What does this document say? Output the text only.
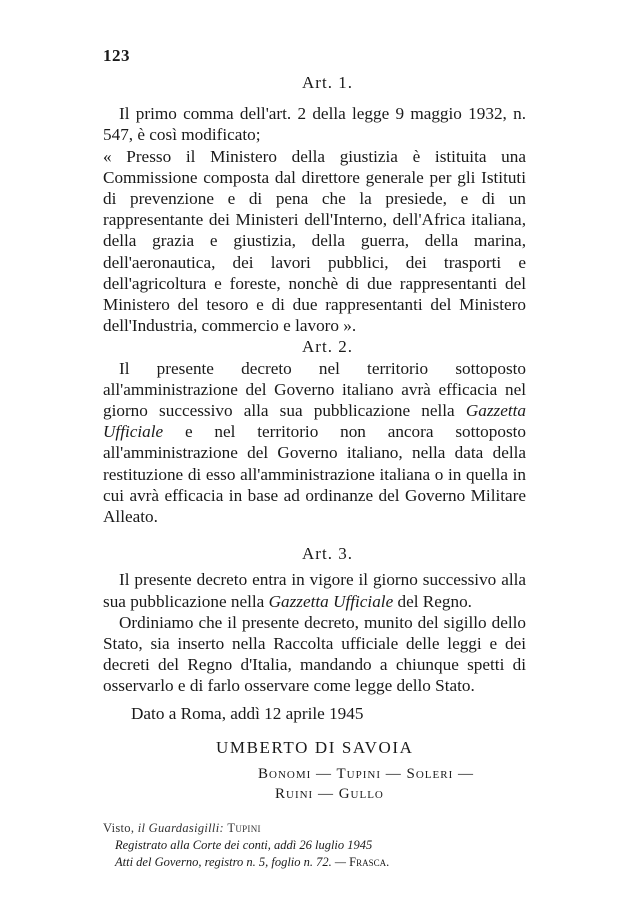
123
Art. 1.

Il primo comma dell'art. 2 della legge 9 maggio 1932, n. 547, è così modificato;

« Presso il Ministero della giustizia è istituita una Commissione composta dal direttore generale per gli Istituti di prevenzione e di pena che la presiede, e di un rappresentante dei Ministeri dell'Interno, dell'Africa italiana, della grazia e giustizia, della guerra, della marina, dell'aeronautica, dei lavori pubblici, dei trasporti e dell'agricoltura e foreste, nonchè di due rappresentanti del Ministero del tesoro e di due rappresentanti del Ministero dell'Industria, commercio e lavoro ».

Art. 2.

Il presente decreto nel territorio sottoposto all'amministrazione del Governo italiano avrà efficacia nel giorno successivo alla sua pubblicazione nella Gazzetta Ufficiale e nel territorio non ancora sottoposto all'amministrazione del Governo italiano, nella data della restituzione di esso all'amministrazione italiana o in quella in cui avrà efficacia in base ad ordinanze del Governo Militare Alleato.

Art. 3.

Il presente decreto entra in vigore il giorno successivo alla sua pubblicazione nella Gazzetta Ufficiale del Regno.

Ordiniamo che il presente decreto, munito del sigillo dello Stato, sia inserto nella Raccolta ufficiale delle leggi e dei decreti del Regno d'Italia, mandando a chiunque spetti di osservarlo e di farlo osservare come legge dello Stato.

Dato a Roma, addì 12 aprile 1945

UMBERTO DI SAVOIA

Bonomi — Tupini — Soleri —

Ruini — Gullo

Visto, il Guardasigilli: Tupini

Registrato alla Corte dei conti, addì 26 luglio 1945

Atti del Governo, registro n. 5, foglio n. 72. — Frasca.
